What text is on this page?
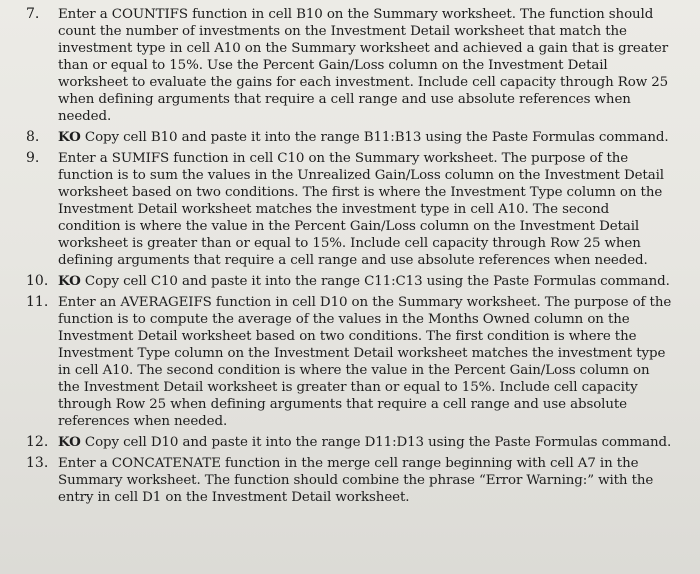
7.	Enter a COUNTIFS function in cell B10 on the Summary worksheet. The function should count the number of investments on the Investment Detail worksheet that match the investment type in cell A10 on the Summary worksheet and achieved a gain that is greater than or equal to 15%. Use the Percent Gain/Loss column on the Investment Detail worksheet to evaluate the gains for each investment. Include cell capacity through Row 25 when defining arguments that require a cell range and use absolute references when needed.
8.	KO Copy cell B10 and paste it into the range B11:B13 using the Paste Formulas command.
9.	Enter a SUMIFS function in cell C10 on the Summary worksheet. The purpose of the function is to sum the values in the Unrealized Gain/Loss column on the Investment Detail worksheet based on two conditions. The first is where the Investment Type column on the Investment Detail worksheet matches the investment type in cell A10. The second condition is where the value in the Percent Gain/Loss column on the Investment Detail worksheet is greater than or equal to 15%. Include cell capacity through Row 25 when defining arguments that require a cell range and use absolute references when needed.
10. KO Copy cell C10 and paste it into the range C11:C13 using the Paste Formulas command.
11. Enter an AVERAGEIFS function in cell D10 on the Summary worksheet. The purpose of the function is to compute the average of the values in the Months Owned column on the Investment Detail worksheet based on two conditions. The first condition is where the Investment Type column on the Investment Detail worksheet matches the investment type in cell A10. The second condition is where the value in the Percent Gain/Loss column on the Investment Detail worksheet is greater than or equal to 15%. Include cell capacity through Row 25 when defining arguments that require a cell range and use absolute references when needed.
12. KO Copy cell D10 and paste it into the range D11:D13 using the Paste Formulas command.
13. Enter a CONCATENATE function in the merge cell range beginning with cell A7 in the Summary worksheet. The function should combine the phrase “Error Warning:” with the entry in cell D1 on the Investment Detail worksheet.
